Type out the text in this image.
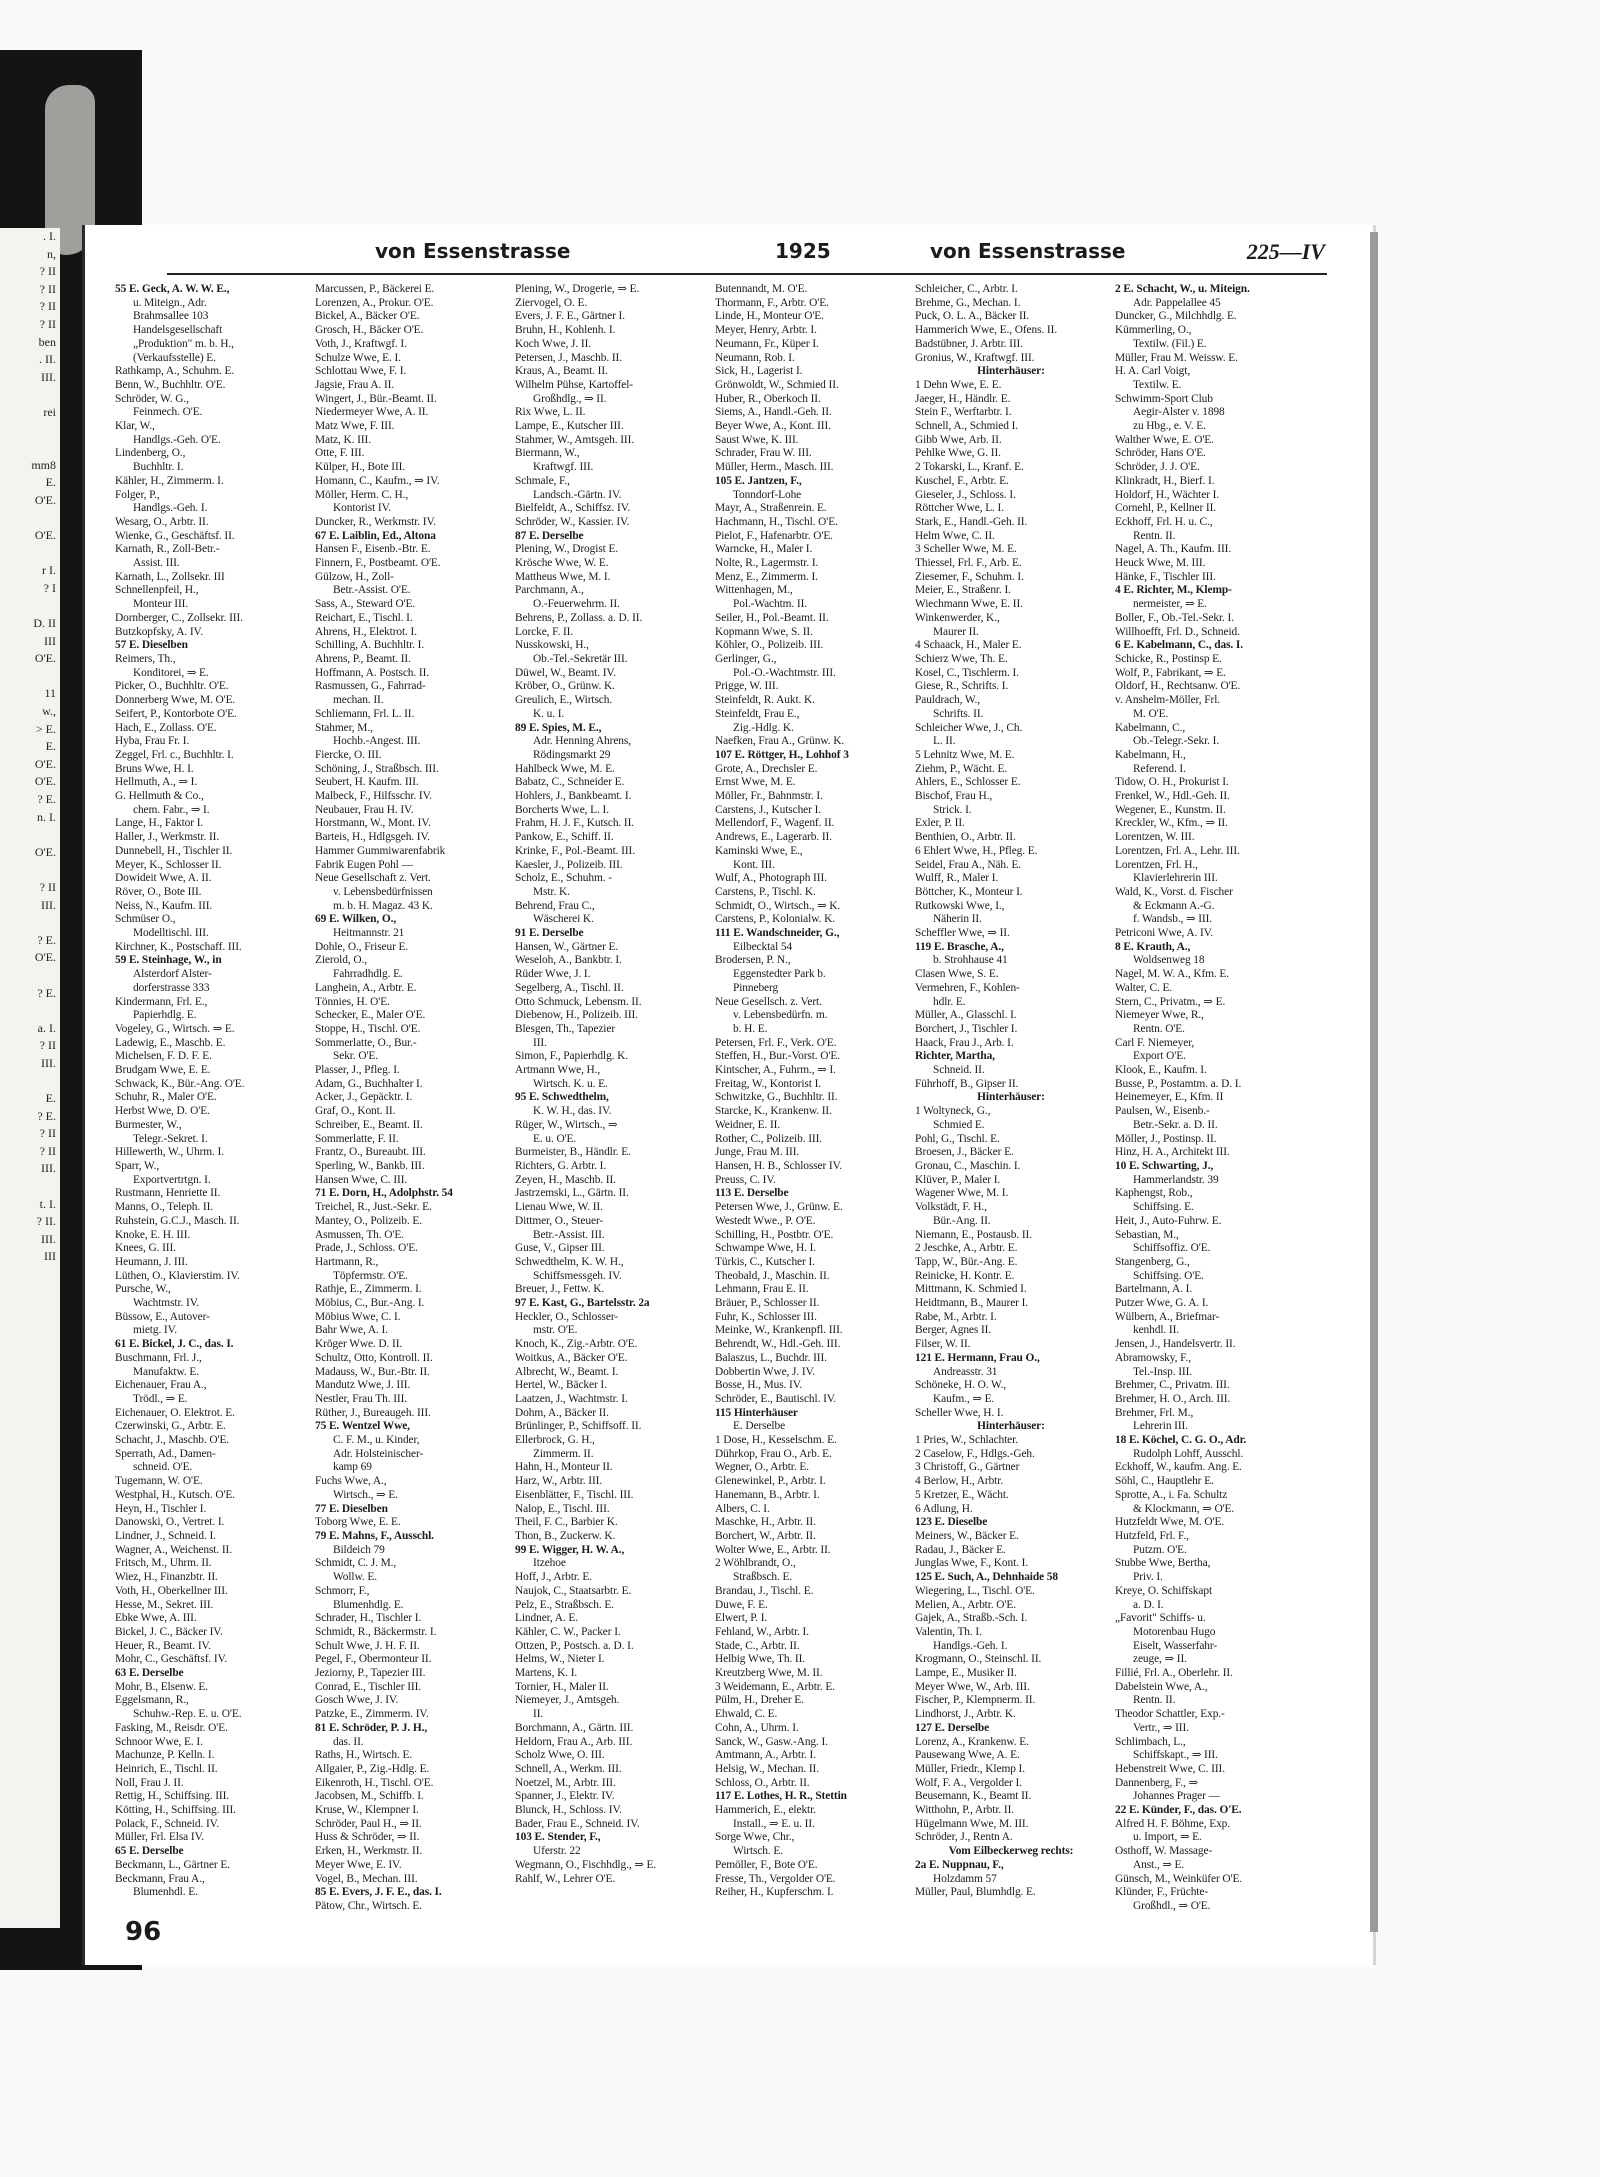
. I.
n,
? II
? II
? II
? II
ben
. II.
III.
rei
mm8
E.
O'E.
O'E.
r I.
? I
D. II
III
O'E.
11
w.,
> E.
E.
O'E.
O'E.
? E.
n. I.
O'E.
? II
III.
? E.
O'E.
? E.
a. I.
? II
III.
E.
? E.
? II
? II
III.
t. I.
? II.
III.
III
von Essenstrasse	1925	von Essenstrasse	225—IV
55 E. Geck, A. W. W. E.,
u. Miteign., Adr.
Brahmsallee 103
Handelsgesellschaft
„Produktion" m. b. H.,
(Verkaufsstelle) E.
Rathkamp, A., Schuhm. E.
Benn, W., Buchhltr. O'E.
Schröder, W. G.,
Feinmech. O'E.
Klar, W.,
Handlgs.-Geh. O'E.
Lindenberg, O.,
Buchhltr. I.
Kähler, H., Zimmerm. I.
Folger, P.,
Handlgs.-Geh. I.
Wesarg, O., Arbtr. II.
Wienke, G., Geschäftsf. II.
Karnath, R., Zoll-Betr.-
Assist. III.
Karnath, L., Zollsekr. III
Schnellenpfeil, H.,
Monteur III.
Dornberger, C., Zollsekr. III.
Butzkopfsky, A. IV.
57 E. Dieselben
Reimers, Th.,
Konditorei, ⇒ E.
Picker, O., Buchhltr. O'E.
Donnerberg Wwe, M. O'E.
Seifert, P., Kontorbote O'E.
Hach, E., Zollass. O'E.
Hyba, Frau Fr. I.
Zeggel, Frl. c., Buchhltr. I.
Bruns Wwe, H. I.
Hellmuth, A., ⇒ I.
G. Hellmuth & Co.,
chem. Fabr., ⇒ I.
Lange, H., Faktor I.
Haller, J., Werkmstr. II.
Dunnebell, H., Tischler II.
Meyer, K., Schlosser II.
Dowideit Wwe, A. II.
Röver, O., Bote III.
Neiss, N., Kaufm. III.
Schmüser O.,
Modelltischl. III.
Kirchner, K., Postschaff. III.
59 E. Steinhage, W., in
Alsterdorf Alster-
dorferstrasse 333
Kindermann, Frl. E.,
Papierhdlg. E.
Vogeley, G., Wirtsch. ⇒ E.
Ladewig, E., Maschb. E.
Michelsen, F. D. F. E.
Brudgam Wwe, E. E.
Schwack, K., Bür.-Ang. O'E.
Schuhr, R., Maler O'E.
Herbst Wwe, D. O'E.
Burmester, W.,
Telegr.-Sekret. I.
Hillewerth, W., Uhrm. I.
Sparr, W.,
Exportvertrtgn. I.
Rustmann, Henriette II.
Manns, O., Teleph. II.
Ruhstein, G.C.J., Masch. II.
Knoke, E. H. III.
Knees, G. III.
Heumann, J. III.
Lüthen, O., Klavierstim. IV.
Pursche, W.,
Wachtmstr. IV.
Büssow, E., Autover-
mietg. IV.
61 E. Bickel, J. C., das. I.
Buschmann, Frl. J.,
Manufaktw. E.
Eichenauer, Frau A.,
Trödl., ⇒ E.
Eichenauer, O. Elektrot. E.
Czerwinski, G., Arbtr. E.
Schacht, J., Maschb. O'E.
Sperrath, Ad., Damen-
schneid. O'E.
Tugemann, W. O'E.
Westphal, H., Kutsch. O'E.
Heyn, H., Tischler I.
Danowski, O., Vertret. I.
Lindner, J., Schneid. I.
Wagner, A., Weichenst. II.
Fritsch, M., Uhrm. II.
Wiez, H., Finanzbtr. II.
Voth, H., Oberkellner III.
Hesse, M., Sekret. III.
Ebke Wwe, A. III.
Bickel, J. C., Bäcker IV.
Heuer, R., Beamt. IV.
Mohr, C., Geschäftsf. IV.
63 E. Derselbe
Mohr, B., Elsenw. E.
Eggelsmann, R.,
Schuhw.-Rep. E. u. O'E.
Fasking, M., Reisdr. O'E.
Schnoor Wwe, E. I.
Machunze, P. Kelln. I.
Heinrich, E., Tischl. II.
Noll, Frau J. II.
Rettig, H., Schiffsing. III.
Kötting, H., Schiffsing. III.
Polack, F., Schneid. IV.
Müller, Frl. Elsa IV.
65 E. Derselbe
Beckmann, L., Gärtner E.
Beckmann, Frau A.,
Blumenhdl. E.
Marcussen, P., Bäckerei E.
Lorenzen, A., Prokur. O'E.
Bickel, A., Bäcker O'E.
Grosch, H., Bäcker O'E.
Voth, J., Kraftwgf. I.
Schulze Wwe, E. I.
Schlottau Wwe, F. I.
Jagsie, Frau A. II.
Wingert, J., Bür.-Beamt. II.
Niedermeyer Wwe, A. II.
Matz Wwe, F. III.
Matz, K. III.
Otte, F. III.
Külper, H., Bote III.
Homann, C., Kaufm., ⇒ IV.
Möller, Herm. C. H.,
Kontorist IV.
Duncker, R., Werkmstr. IV.
67 E. Laiblin, Ed., Altona
Hansen F., Eisenb.-Btr. E.
Finnern, F., Postbeamt. O'E.
Gülzow, H., Zoll-
Betr.-Assist. O'E.
Sass, A., Steward O'E.
Reichart, E., Tischl. I.
Ahrens, H., Elektrot. I.
Schilling, A. Buchhltr. I.
Ahrens, P., Beamt. II.
Hoffmann, A. Postsch. II.
Rasmussen, G., Fahrrad-
mechan. II.
Schliemann, Frl. L. II.
Stahmer, M.,
Hochb.-Angest. III.
Fiercke, O. III.
Schöning, J., Straßbsch. III.
Seubert, H. Kaufm. III.
Malbeck, F., Hilfsschr. IV.
Neubauer, Frau H. IV.
Horstmann, W., Mont. IV.
Barteis, H., Hdlgsgeh. IV.
Hammer Gummiwarenfabrik
Fabrik Eugen Pohl —
Neue Gesellschaft z. Vert.
v. Lebensbedürfnissen
m. b. H. Magaz. 43 K.
69 E. Wilken, O.,
Heitmannstr. 21
Dohle, O., Friseur E.
Zierold, O.,
Fahrradhdlg. E.
Langhein, A., Arbtr. E.
Tönnies, H. O'E.
Schecker, E., Maler O'E.
Stoppe, H., Tischl. O'E.
Sommerlatte, O., Bur.-
Sekr. O'E.
Plasser, J., Pfleg. I.
Adam, G., Buchhalter I.
Acker, J., Gepäcktr. I.
Graf, O., Kont. II.
Schreiber, E., Beamt. II.
Sommerlatte, F. II.
Frantz, O., Bureaubt. III.
Sperling, W., Bankb. III.
Hansen Wwe, C. III.
71 E. Dorn, H., Adolphstr. 54
Treichel, R., Just.-Sekr. E.
Mantey, O., Polizeib. E.
Asmussen, Th. O'E.
Prade, J., Schloss. O'E.
Hartmann, R.,
Töpfermstr. O'E.
Rathje, E., Zimmerm. I.
Möbius, C., Bur.-Ang. I.
Möbius Wwe, C. I.
Bahr Wwe, A. I.
Kröger Wwe. D. II.
Schultz, Otto, Kontroll. II.
Madauss, W., Bur.-Btr. II.
Mandutz Wwe, J. III.
Nestler, Frau Th. III.
Rüther, J., Bureaugeh. III.
75 E. Wentzel Wwe,
C. F. M., u. Kinder,
Adr. Holsteinischer-
kamp 69
Fuchs Wwe, A.,
Wirtsch., ⇒ E.
77 E. Dieselben
Toborg Wwe, E. E.
79 E. Mahns, F., Ausschl.
Bildeich 79
Schmidt, C. J. M.,
Wollw. E.
Schmorr, F.,
Blumenhdlg. E.
Schrader, H., Tischler I.
Schmidt, R., Bäckermstr. I.
Schult Wwe, J. H. F. II.
Pegel, F., Obermonteur II.
Jeziorny, P., Tapezier III.
Conrad, E., Tischler III.
Gosch Wwe, J. IV.
Patzke, E., Zimmerm. IV.
81 E. Schröder, P. J. H.,
das. II.
Raths, H., Wirtsch. E.
Allgaier, P., Zig.-Hdlg. E.
Eikenroth, H., Tischl. O'E.
Jacobsen, M., Schiffb. I.
Kruse, W., Klempner I.
Schröder, Paul H., ⇒ II.
Huss & Schröder, ⇒ II.
Erken, H., Werkmstr. II.
Meyer Wwe, E. IV.
Vogel, B., Mechan. III.
85 E. Evers, J. F. E., das. I.
Pätow, Chr., Wirtsch. E.
Plening, W., Drogerie, ⇒ E.
Ziervogel, O. E.
Evers, J. F. E., Gärtner I.
Bruhn, H., Kohlenh. I.
Koch Wwe, J. II.
Petersen, J., Maschb. II.
Kraus, A., Beamt. II.
Wilhelm Pühse, Kartoffel-
Großhdlg., ⇒ II.
Rix Wwe, L. II.
Lampe, E., Kutscher III.
Stahmer, W., Amtsgeh. III.
Biermann, W.,
Kraftwgf. III.
Schmale, F.,
Landsch.-Gärtn. IV.
Bielfeldt, A., Schiffsz. IV.
Schröder, W., Kassier. IV.
87 E. Derselbe
Plening, W., Drogist E.
Krösche Wwe, W. E.
Mattheus Wwe, M. I.
Parchmann, A.,
O.-Feuerwehrm. II.
Behrens, P., Zollass. a. D. II.
Lorcke, F. II.
Nusskowski, H.,
Ob.-Tel.-Sekretär III.
Düwel, W., Beamt. IV.
Kröber, O., Grünw. K.
Greulich, E., Wirtsch.
K. u. I.
89 E. Spies, M. E.,
Adr. Henning Ahrens,
Rödingsmarkt 29
Hahlbeck Wwe, M. E.
Babatz, C., Schneider E.
Hohlers, J., Bankbeamt. I.
Borcherts Wwe, L. I.
Frahm, H. J. F., Kutsch. II.
Pankow, E., Schiff. II.
Krinke, F., Pol.-Beamt. III.
Kaesler, J., Polizeib. III.
Scholz, E., Schuhm. -
Mstr. K.
Behrend, Frau C.,
Wäscherei K.
91 E. Derselbe
Hansen, W., Gärtner E.
Weseloh, A., Bankbtr. I.
Rüder Wwe, J. I.
Segelberg, A., Tischl. II.
Otto Schmuck, Lebensm. II.
Diebenow, H., Polizeib. III.
Blesgen, Th., Tapezier
III.
Simon, F., Papierhdlg. K.
Artmann Wwe, H.,
Wirtsch. K. u. E.
95 E. Schwedthelm,
K. W. H., das. IV.
Rüger, W., Wirtsch., ⇒
E. u. O'E.
Burmeister, B., Händlr. E.
Richters, G. Arbtr. I.
Zeyen, H., Maschb. II.
Jastrzemski, L., Gärtn. II.
Lienau Wwe, W. II.
Dittmer, O., Steuer-
Betr.-Assist. III.
Guse, V., Gipser III.
Schwedthelm, K. W. H.,
Schiffsmessgeh. IV.
Breuer, J., Fettw. K.
97 E. Kast, G., Bartelsstr. 2a
Heckler, O., Schlosser-
mstr. O'E.
Knoch, K., Zig.-Arbtr. O'E.
Woitkus, A., Bäcker O'E.
Albrecht, W., Beamt. I.
Hertel, W., Bäcker I.
Laatzen, J., Wachtmstr. I.
Dohm, A., Bäcker II.
Brünlinger, P., Schiffsoff. II.
Ellerbrock, G. H.,
Zimmerm. II.
Hahn, H., Monteur II.
Harz, W., Arbtr. III.
Eisenblätter, F., Tischl. III.
Nalop, E., Tischl. III.
Theil, F. C., Barbier K.
Thon, B., Zuckerw. K.
99 E. Wigger, H. W. A.,
Itzehoe
Hoff, J., Arbtr. E.
Naujok, C., Staatsarbtr. E.
Pelz, E., Straßbsch. E.
Lindner, A. E.
Kähler, C. W., Packer I.
Ottzen, P., Postsch. a. D. I.
Helms, W., Nieter I.
Martens, K. I.
Tornier, H., Maler II.
Niemeyer, J., Amtsgeh.
II.
Borchmann, A., Gärtn. III.
Heldorn, Frau A., Arb. III.
Scholz Wwe, O. III.
Schnell, A., Werkm. III.
Noetzel, M., Arbtr. III.
Spanner, J., Elektr. IV.
Blunck, H., Schloss. IV.
Bader, Frau E., Schneid. IV.
103 E. Stender, F.,
Uferstr. 22
Wegmann, O., Fischhdlg., ⇒ E.
Rahlf, W., Lehrer O'E.
Butennandt, M. O'E.
Thormann, F., Arbtr. O'E.
Linde, H., Monteur O'E.
Meyer, Henry, Arbtr. I.
Neumann, Fr., Küper I.
Neumann, Rob. I.
Sick, H., Lagerist I.
Grönwoldt, W., Schmied II.
Huber, R., Oberkoch II.
Siems, A., Handl.-Geh. II.
Beyer Wwe, A., Kont. III.
Saust Wwe, K. III.
Schrader, Frau W. III.
Müller, Herm., Masch. III.
105 E. Jantzen, F.,
Tonndorf-Lohe
Mayr, A., Straßenrein. E.
Hachmann, H., Tischl. O'E.
Pielot, F., Hafenarbtr. O'E.
Warncke, H., Maler I.
Nolte, R., Lagermstr. I.
Menz, E., Zimmerm. I.
Wittenhagen, M.,
Pol.-Wachtm. II.
Seiler, H., Pol.-Beamt. II.
Kopmann Wwe, S. II.
Köhler, O., Polizeib. III.
Gerlinger, G.,
Pol.-O.-Wachtmstr. III.
Prigge, W. III.
Steinfeldt, R. Aukt. K.
Steinfeldt, Frau E.,
Zig.-Hdlg. K.
Naefken, Frau A., Grünw. K.
107 E. Röttger, H., Lohhof 3
Grote, A., Drechsler E.
Ernst Wwe, M. E.
Möller, Fr., Bahnmstr. I.
Carstens, J., Kutscher I.
Mellendorf, F., Wagenf. II.
Andrews, E., Lagerarb. II.
Kaminski Wwe, E.,
Kont. III.
Wulf, A., Photograph III.
Carstens, P., Tischl. K.
Schmidt, O., Wirtsch., ⇒ K.
Carstens, P., Kolonialw. K.
111 E. Wandschneider, G.,
Eilbecktal 54
Brodersen, P. N.,
Eggenstedter Park b.
Pinneberg
Neue Gesellsch. z. Vert.
v. Lebensbedürfn. m.
b. H. E.
Petersen, Frl. F., Verk. O'E.
Steffen, H., Bur.-Vorst. O'E.
Kintscher, A., Fuhrm., ⇒ I.
Freitag, W., Kontorist I.
Schwitzke, G., Buchhltr. II.
Starcke, K., Krankenw. II.
Weidner, E. II.
Rother, C., Polizeib. III.
Junge, Frau M. III.
Hansen, H. B., Schlosser IV.
Preuss, C. IV.
113 E. Derselbe
Petersen Wwe, J., Grünw. E.
Westedt Wwe., P. O'E.
Schilling, H., Postbtr. O'E.
Schwampe Wwe, H. I.
Türkis, C., Kutscher I.
Theobald, J., Maschin. II.
Lehmann, Frau E. II.
Bräuer, P., Schlosser II.
Fuhr, K., Schlosser III.
Meinke, W., Krankenpfl. III.
Behrendt, W., Hdl.-Geh. III.
Balaszus, L., Buchdr. III.
Dobbertin Wwe, J. IV.
Bosse, H., Mus. IV.
Schröder, E., Bautischl. IV.
115 Hinterhäuser
E. Derselbe
1 Dose, H., Kesselschm. E.
Dührkop, Frau O., Arb. E.
Wegner, O., Arbtr. E.
Glenewinkel, P., Arbtr. I.
Hanemann, B., Arbtr. I.
Albers, C. I.
Maschke, H., Arbtr. II.
Borchert, W., Arbtr. II.
Wolter Wwe, E., Arbtr. II.
2 Wöhlbrandt, O.,
Straßbsch. E.
Brandau, J., Tischl. E.
Duwe, F. E.
Elwert, P. I.
Fehland, W., Arbtr. I.
Stade, C., Arbtr. II.
Helbig Wwe, Th. II.
Kreutzberg Wwe, M. II.
3 Weidemann, E., Arbtr. E.
Pülm, H., Dreher E.
Ehwald, C. E.
Cohn, A., Uhrm. I.
Sanck, W., Gasw.-Ang. I.
Amtmann, A., Arbtr. I.
Helsig, W., Mechan. II.
Schloss, O., Arbtr. II.
117 E. Lothes, H. R., Stettin
Hammerich, E., elektr.
Install., ⇒ E. u. II.
Sorge Wwe, Chr.,
Wirtsch. E.
Pemöller, F., Bote O'E.
Fresse, Th., Vergolder O'E.
Reiher, H., Kupferschm. I.
Schleicher, C., Arbtr. I.
Brehme, G., Mechan. I.
Puck, O. L. A., Bäcker II.
Hammerich Wwe, E., Ofens. II.
Badstübner, J. Arbtr. III.
Gronius, W., Kraftwgf. III.
Hinterhäuser:
1 Dehn Wwe, E. E.
Jaeger, H., Händlr. E.
Stein F., Werftarbtr. I.
Schnell, A., Schmied I.
Gibb Wwe, Arb. II.
Pehlke Wwe, G. II.
2 Tokarski, L., Kranf. E.
Kuschel, F., Arbtr. E.
Gieseler, J., Schloss. I.
Röttcher Wwe, L. I.
Stark, E., Handl.-Geh. II.
Helm Wwe, C. II.
3 Scheller Wwe, M. E.
Thiessel, Frl. F., Arb. E.
Ziesemer, F., Schuhm. I.
Meier, E., Straßenr. I.
Wiechmann Wwe, E. II.
Winkenwerder, K.,
Maurer II.
4 Schaack, H., Maler E.
Schierz Wwe, Th. E.
Kosel, C., Tischlerm. I.
Giese, R., Schrifts. I.
Pauldrach, W.,
Schrifts. II.
Schleicher Wwe, J., Ch.
L. II.
5 Lehnitz Wwe, M. E.
Ziehm, P., Wächt. E.
Ahlers, E., Schlosser E.
Bischof, Frau H.,
Strick. I.
Exler, P. II.
Benthien, O., Arbtr. II.
6 Ehlert Wwe, H., Pfleg. E.
Seidel, Frau A., Näh. E.
Wulff, R., Maler I.
Böttcher, K., Monteur I.
Rutkowski Wwe, I.,
Näherin II.
Scheffler Wwe, ⇒ II.
119 E. Brasche, A.,
b. Strohhause 41
Clasen Wwe, S. E.
Vermehren, F., Kohlen-
hdlr. E.
Müller, A., Glasschl. I.
Borchert, J., Tischler I.
Haack, Frau J., Arb. I.
Richter, Martha,
Schneid. II.
Führhoff, B., Gipser II.
Hinterhäuser:
1 Woltyneck, G.,
Schmied E.
Pohl, G., Tischl. E.
Broesen, J., Bäcker E.
Gronau, C., Maschin. I.
Klüver, P., Maler I.
Wagener Wwe, M. I.
Volkstädt, F. H.,
Bür.-Ang. II.
Niemann, E., Postausb. II.
2 Jeschke, A., Arbtr. E.
Tapp, W., Bür.-Ang. E.
Reinicke, H. Kontr. E.
Mittmann, K. Schmied I.
Heidtmann, B., Maurer I.
Rabe, M., Arbtr. I.
Berger, Agnes II.
Filser, W. II.
121 E. Hermann, Frau O.,
Andreasstr. 31
Schöneke, H. O. W.,
Kaufm., ⇒ E.
Scheller Wwe, H. I.
Hinterhäuser:
1 Pries, W., Schlachter.
2 Caselow, F., Hdlgs.-Geh.
3 Christoff, G., Gärtner
4 Berlow, H., Arbtr.
5 Kretzer, E., Wächt.
6 Adlung, H.
123 E. Dieselbe
Meiners, W., Bäcker E.
Radau, J., Bäcker E.
Junglas Wwe, F., Kont. I.
125 E. Such, A., Dehnhaide 58
Wiegering, L., Tischl. O'E.
Melien, A., Arbtr. O'E.
Gajek, A., Straßb.-Sch. I.
Valentin, Th. I.
Handlgs.-Geh. I.
Krogmann, O., Steinschl. II.
Lampe, E., Musiker II.
Meyer Wwe, W., Arb. III.
Fischer, P., Klempnerm. II.
Lindhorst, J., Arbtr. K.
127 E. Derselbe
Lorenz, A., Krankenw. E.
Pausewang Wwe, A. E.
Müller, Friedr., Klemp I.
Wolf, F. A., Vergolder I.
Beusemann, K., Beamt II.
Witthohn, P., Arbtr. II.
Hügelmann Wwe, M. III.
Schröder, J., Rentn A.
Vom Eilbeckerweg rechts:
2a E. Nuppnau, F.,
Holzdamm 57
Müller, Paul, Blumhdlg. E.
2 E. Schacht, W., u. Miteign.
Adr. Pappelallee 45
Duncker, G., Milchhdlg. E.
Kümmerling, O.,
Textilw. (Fil.) E.
Müller, Frau M. Weissw. E.
H. A. Carl Voigt,
Textilw. E.
Schwimm-Sport Club
Aegir-Alster v. 1898
zu Hbg., e. V. E.
Walther Wwe, E. O'E.
Schröder, Hans O'E.
Schröder, J. J. O'E.
Klinkradt, H., Bierf. I.
Holdorf, H., Wächter I.
Cornehl, P., Kellner II.
Eckhoff, Frl. H. u. C.,
Rentn. II.
Nagel, A. Th., Kaufm. III.
Heuck Wwe, M. III.
Hänke, F., Tischler III.
4 E. Richter, M., Klemp-
nermeister, ⇒ E.
Boller, F., Ob.-Tel.-Sekr. I.
Willhoefft, Frl. D., Schneid.
6 E. Kabelmann, C., das. I.
Schicke, R., Postinsp E.
Wolf, P., Fabrikant, ⇒ E.
Oldorf, H., Rechtsanw. O'E.
v. Anshelm-Möller, Frl.
M. O'E.
Kabelmann, C.,
Ob.-Telegr.-Sekr. I.
Kabelmann, H.,
Referend. I.
Tidow, O. H., Prokurist I.
Frenkel, W., Hdl.-Geh. II.
Wegener, E., Kunstm. II.
Kreckler, W., Kfm., ⇒ II.
Lorentzen, W. III.
Lorentzen, Frl. A., Lehr. III.
Lorentzen, Frl. H.,
Klavierlehrerin III.
Wald, K., Vorst. d. Fischer
& Eckmann A.-G.
f. Wandsb., ⇒ III.
Petriconi Wwe, A. IV.
8 E. Krauth, A.,
Woldsenweg 18
Nagel, M. W. A., Kfm. E.
Walter, C. E.
Stern, C., Privatm., ⇒ E.
Niemeyer Wwe, R.,
Rentn. O'E.
Carl F. Niemeyer,
Export O'E.
Klook, E., Kaufm. I.
Busse, P., Postamtm. a. D. I.
Heinemeyer, E., Kfm. II
Paulsen, W., Eisenb.-
Betr.-Sekr. a. D. II.
Möller, J., Postinsp. II.
Hinz, H. A., Architekt III.
10 E. Schwarting, J.,
Hammerlandstr. 39
Kaphengst, Rob.,
Schiffsing. E.
Heit, J., Auto-Fuhrw. E.
Sebastian, M.,
Schiffsoffiz. O'E.
Stangenberg, G.,
Schiffsing. O'E.
Bartelmann, A. I.
Putzer Wwe, G. A. I.
Wülbern, A., Briefmar-
kenhdl. II.
Jensen, J., Handelsvertr. II.
Abramowsky, F.,
Tel.-Insp. III.
Brehmer, C., Privatm. III.
Brehmer, H. O., Arch. III.
Brehmer, Frl. M.,
Lehrerin III.
18 E. Köchel, C. G. O., Adr.
Rudolph Lohff, Ausschl.
Eckhoff, W., kaufm. Ang. E.
Söhl, C., Hauptlehr E.
Sprotte, A., i. Fa. Schultz
& Klockmann, ⇒ O'E.
Hutzfeldt Wwe, M. O'E.
Hutzfeld, Frl. F.,
Putzm. O'E.
Stubbe Wwe, Bertha,
Priv. I.
Kreye, O. Schiffskapt
a. D. I.
„Favorit" Schiffs- u.
Motorenbau Hugo
Eiselt, Wasserfahr-
zeuge, ⇒ II.
Fillié, Frl. A., Oberlehr. II.
Dabelstein Wwe, A.,
Rentn. II.
Theodor Schattler, Exp.-
Vertr., ⇒ III.
Schlimbach, L.,
Schiffskapt., ⇒ III.
Hebenstreit Wwe, C. III.
Dannenberg, F., ⇒
Johannes Prager —
22 E. Künder, F., das. O'E.
Alfred H. F. Böhme, Exp.
u. Import, ⇒ E.
Osthoff, W. Massage-
Anst., ⇒ E.
Günsch, M., Weinküfer O'E.
Klünder, F., Früchte-
Großhdl., ⇒ O'E.
96
